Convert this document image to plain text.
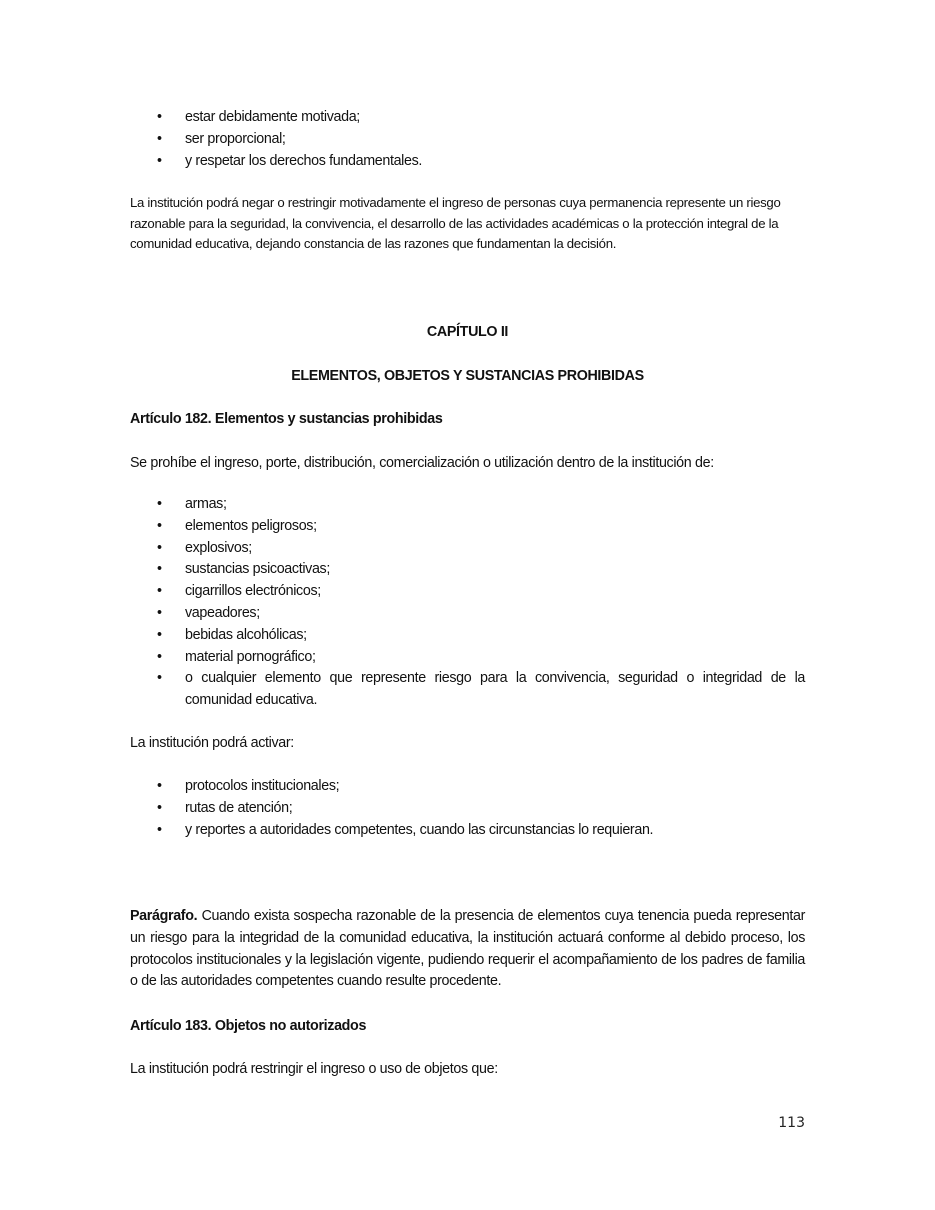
• estar debidamente motivada;
• ser proporcional;
• y respetar los derechos fundamentales.
La institución podrá negar o restringir motivadamente el ingreso de personas cuya permanencia represente un riesgo razonable para la seguridad, la convivencia, el desarrollo de las actividades académicas o la protección integral de la comunidad educativa, dejando constancia de las razones que fundamentan la decisión.
CAPÍTULO II
ELEMENTOS, OBJETOS Y SUSTANCIAS PROHIBIDAS
Artículo 182. Elementos y sustancias prohibidas
Se prohíbe el ingreso, porte, distribución, comercialización o utilización dentro de la institución de:
• armas;
• elementos peligrosos;
• explosivos;
• sustancias psicoactivas;
• cigarrillos electrónicos;
• vapeadores;
• bebidas alcohólicas;
• material pornográfico;
• o cualquier elemento que represente riesgo para la convivencia, seguridad o integridad de la comunidad educativa.
La institución podrá activar:
• protocolos institucionales;
• rutas de atención;
• y reportes a autoridades competentes, cuando las circunstancias lo requieran.
Parágrafo. Cuando exista sospecha razonable de la presencia de elementos cuya tenencia pueda representar un riesgo para la integridad de la comunidad educativa, la institución actuará conforme al debido proceso, los protocolos institucionales y la legislación vigente, pudiendo requerir el acompañamiento de los padres de familia o de las autoridades competentes cuando resulte procedente.
Artículo 183. Objetos no autorizados
La institución podrá restringir el ingreso o uso de objetos que:
113
